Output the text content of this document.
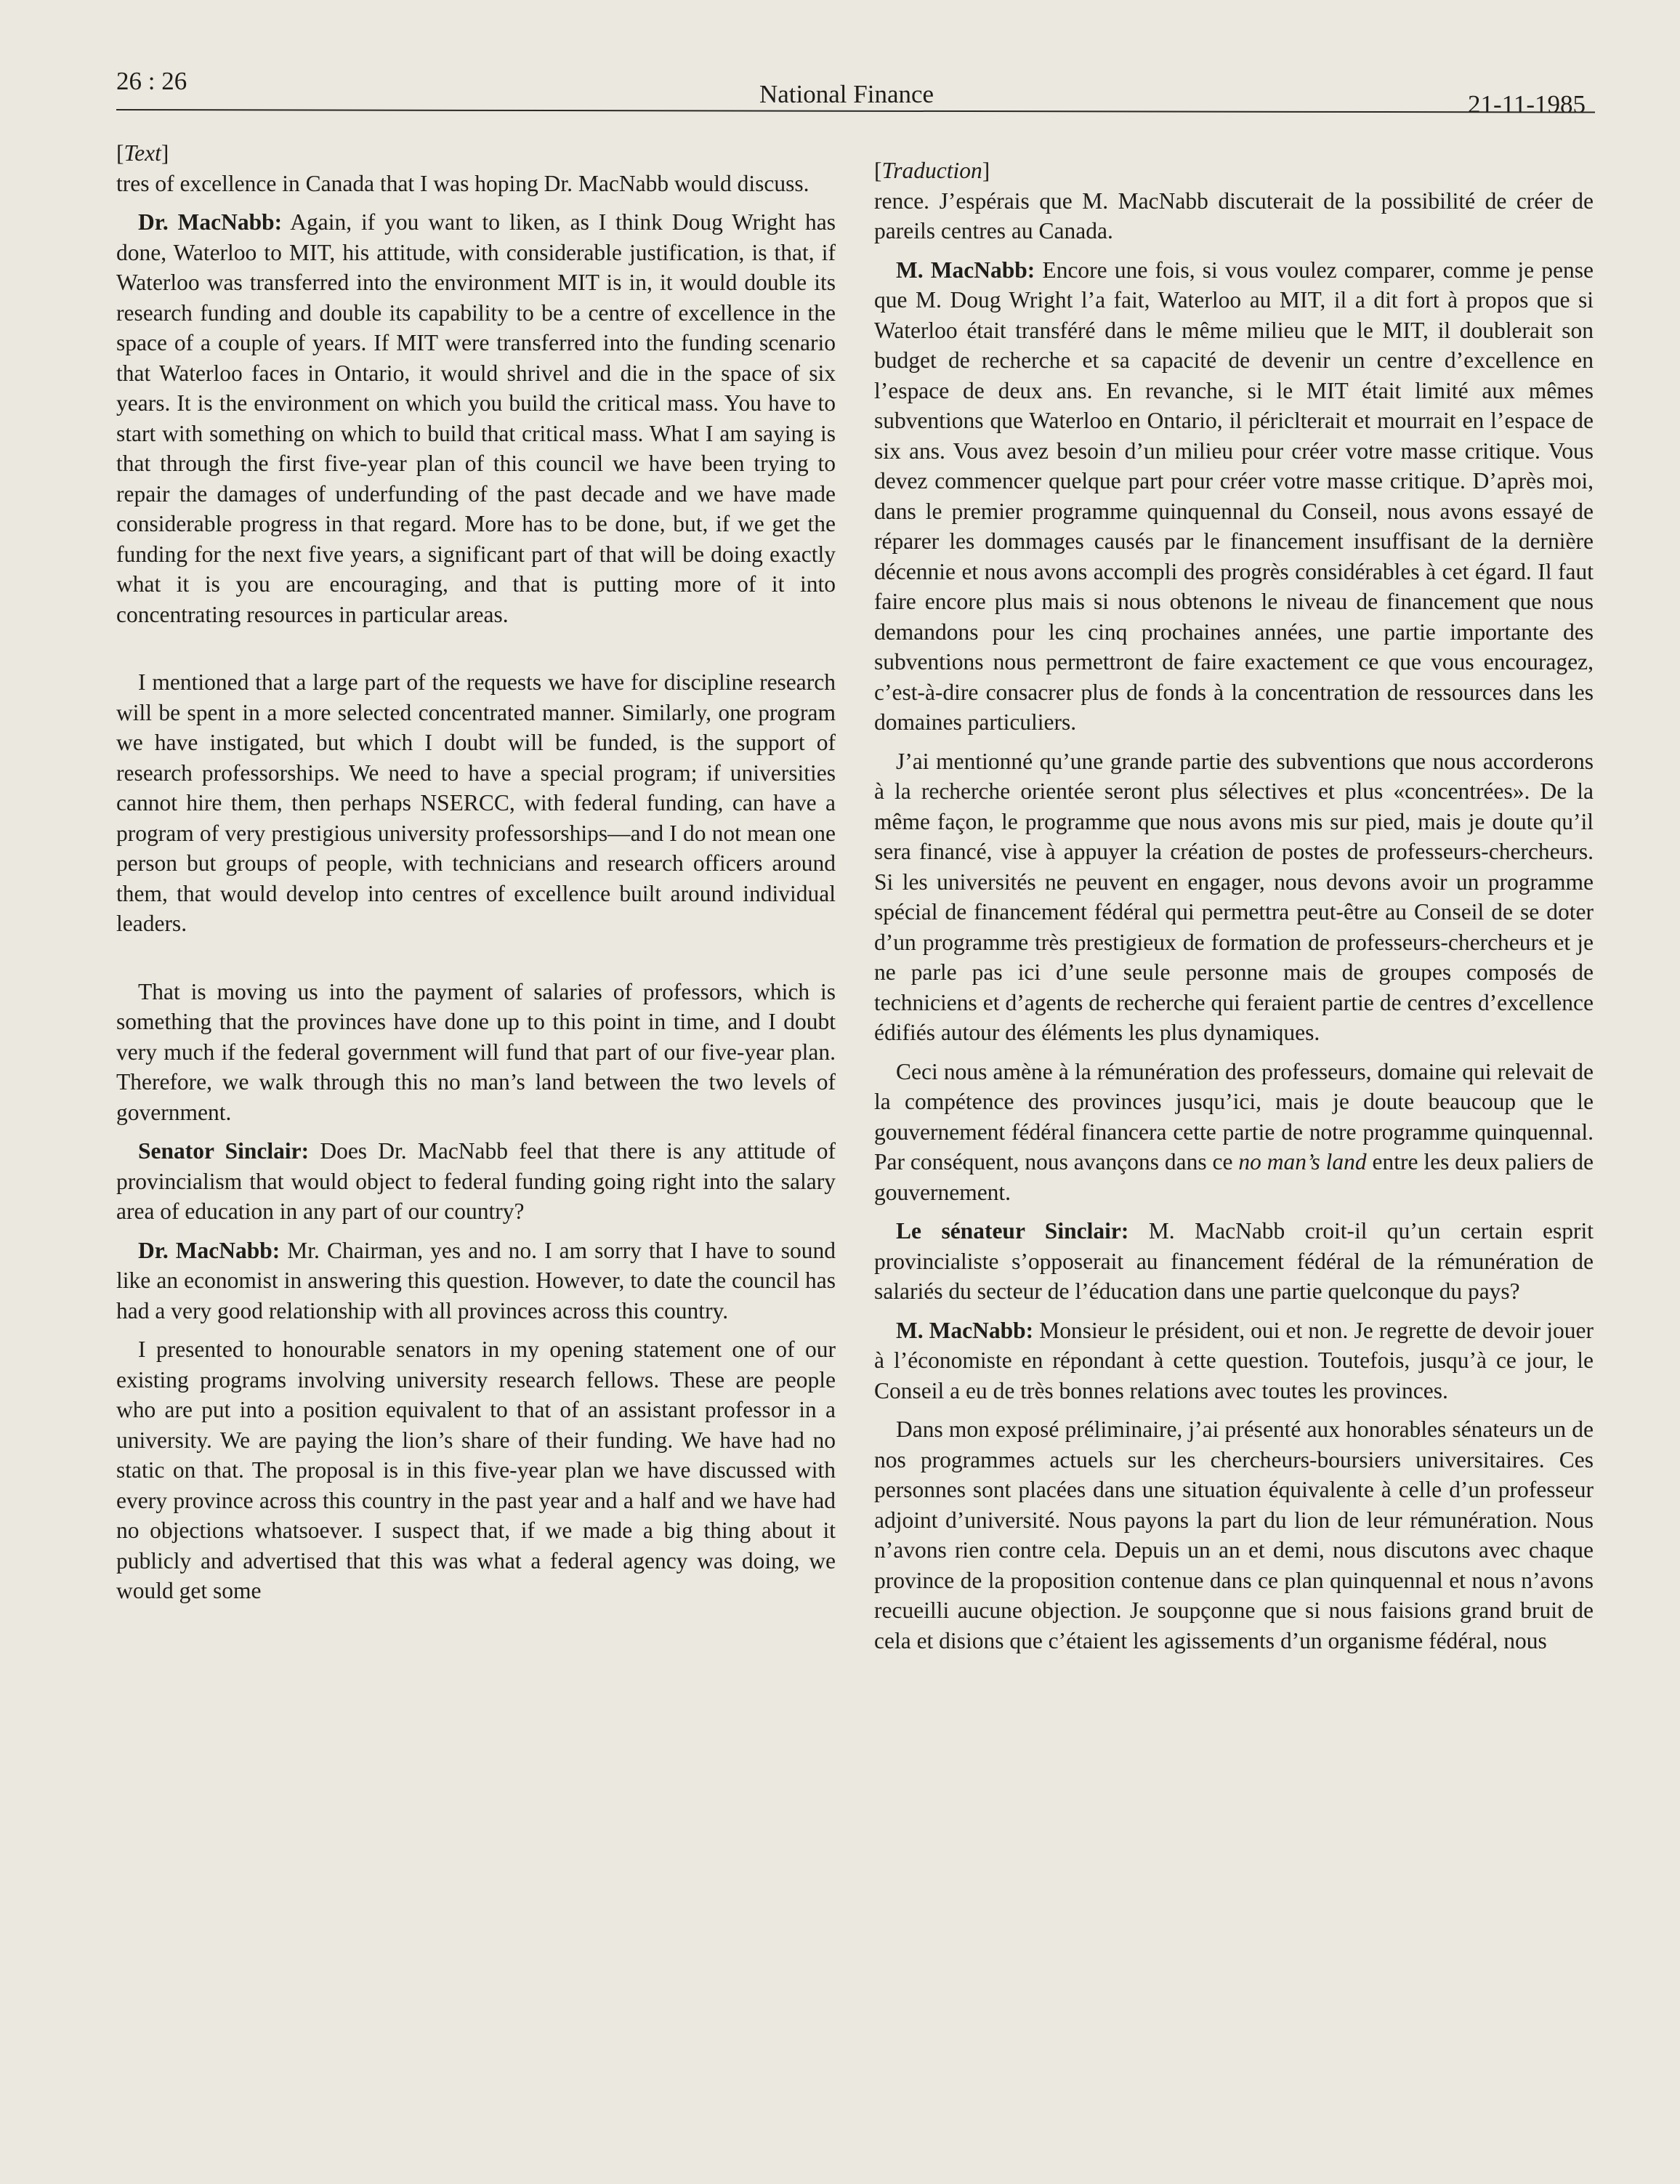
26 : 26	National Finance	21-11-1985

[Text]

tres of excellence in Canada that I was hoping Dr. MacNabb would discuss.

Dr. MacNabb: Again, if you want to liken, as I think Doug Wright has done, Waterloo to MIT, his attitude, with considerable justification, is that, if Waterloo was transferred into the environment MIT is in, it would double its research funding and double its capability to be a centre of excellence in the space of a couple of years. If MIT were transferred into the funding scenario that Waterloo faces in Ontario, it would shrivel and die in the space of six years. It is the environment on which you build the critical mass. You have to start with something on which to build that critical mass. What I am saying is that through the first five-year plan of this council we have been trying to repair the damages of underfunding of the past decade and we have made considerable progress in that regard. More has to be done, but, if we get the funding for the next five years, a significant part of that will be doing exactly what it is you are encouraging, and that is putting more of it into concentrating resources in particular areas.

I mentioned that a large part of the requests we have for discipline research will be spent in a more selected concentrated manner. Similarly, one program we have instigated, but which I doubt will be funded, is the support of research professorships. We need to have a special program; if universities cannot hire them, then perhaps NSERCC, with federal funding, can have a program of very prestigious university professorships—and I do not mean one person but groups of people, with technicians and research officers around them, that would develop into centres of excellence built around individual leaders.

That is moving us into the payment of salaries of professors, which is something that the provinces have done up to this point in time, and I doubt very much if the federal government will fund that part of our five-year plan. Therefore, we walk through this no man’s land between the two levels of government.

Senator Sinclair: Does Dr. MacNabb feel that there is any attitude of provincialism that would object to federal funding going right into the salary area of education in any part of our country?

Dr. MacNabb: Mr. Chairman, yes and no. I am sorry that I have to sound like an economist in answering this question. However, to date the council has had a very good relationship with all provinces across this country.

I presented to honourable senators in my opening statement one of our existing programs involving university research fellows. These are people who are put into a position equivalent to that of an assistant professor in a university. We are paying the lion’s share of their funding. We have had no static on that. The proposal is in this five-year plan we have discussed with every province across this country in the past year and a half and we have had no objections whatsoever. I suspect that, if we made a big thing about it publicly and advertised that this was what a federal agency was doing, we would get some

[Traduction]

rence. J’espérais que M. MacNabb discuterait de la possibilité de créer de pareils centres au Canada.

M. MacNabb: Encore une fois, si vous voulez comparer, comme je pense que M. Doug Wright l’a fait, Waterloo au MIT, il a dit fort à propos que si Waterloo était transféré dans le même milieu que le MIT, il doublerait son budget de recherche et sa capacité de devenir un centre d’excellence en l’espace de deux ans. En revanche, si le MIT était limité aux mêmes subventions que Waterloo en Ontario, il périclterait et mourrait en l’espace de six ans. Vous avez besoin d’un milieu pour créer votre masse critique. Vous devez commencer quelque part pour créer votre masse critique. D’après moi, dans le premier programme quinquennal du Conseil, nous avons essayé de réparer les dommages causés par le financement insuffisant de la dernière décennie et nous avons accompli des progrès considérables à cet égard. Il faut faire encore plus mais si nous obtenons le niveau de financement que nous demandons pour les cinq prochaines années, une partie importante des subventions nous permettront de faire exactement ce que vous encouragez, c’est-à-dire consacrer plus de fonds à la concentration de ressources dans les domaines particuliers.

J’ai mentionné qu’une grande partie des subventions que nous accorderons à la recherche orientée seront plus sélectives et plus «concentrées». De la même façon, le programme que nous avons mis sur pied, mais je doute qu’il sera financé, vise à appuyer la création de postes de professeurs-chercheurs. Si les universités ne peuvent en engager, nous devons avoir un programme spécial de financement fédéral qui permettra peut-être au Conseil de se doter d’un programme très prestigieux de formation de professeurs-chercheurs et je ne parle pas ici d’une seule personne mais de groupes composés de techniciens et d’agents de recherche qui feraient partie de centres d’excellence édifiés autour des éléments les plus dynamiques.

Ceci nous amène à la rémunération des professeurs, domaine qui relevait de la compétence des provinces jusqu’ici, mais je doute beaucoup que le gouvernement fédéral financera cette partie de notre programme quinquennal. Par conséquent, nous avançons dans ce no man’s land entre les deux paliers de gouvernement.

Le sénateur Sinclair: M. MacNabb croit-il qu’un certain esprit provincialiste s’opposerait au financement fédéral de la rémunération de salariés du secteur de l’éducation dans une partie quelconque du pays?

M. MacNabb: Monsieur le président, oui et non. Je regrette de devoir jouer à l’économiste en répondant à cette question. Toutefois, jusqu’à ce jour, le Conseil a eu de très bonnes relations avec toutes les provinces.

Dans mon exposé préliminaire, j’ai présenté aux honorables sénateurs un de nos programmes actuels sur les chercheurs-boursiers universitaires. Ces personnes sont placées dans une situation équivalente à celle d’un professeur adjoint d’université. Nous payons la part du lion de leur rémunération. Nous n’avons rien contre cela. Depuis un an et demi, nous discutons avec chaque province de la proposition contenue dans ce plan quinquennal et nous n’avons recueilli aucune objection. Je soupçonne que si nous faisions grand bruit de cela et disions que c’étaient les agissements d’un organisme fédéral, nous
